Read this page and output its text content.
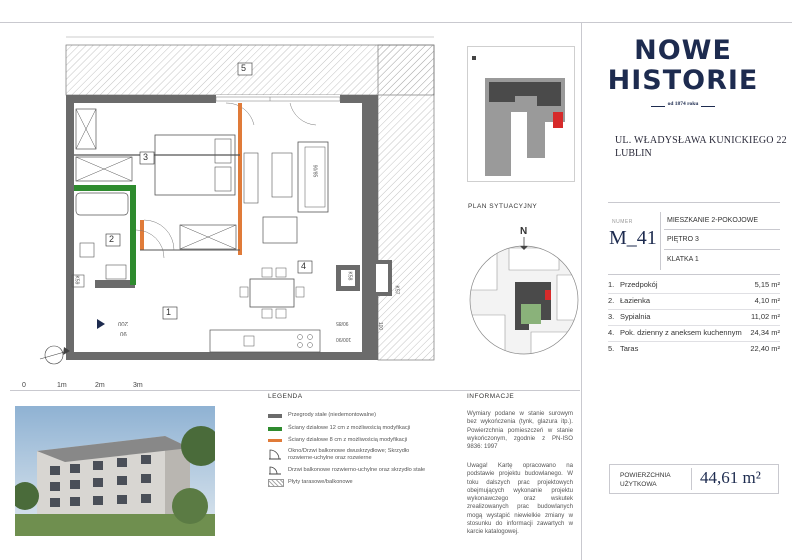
5
3
2
4
1
200
90
90/85
K59	K58
K57
90/85
100/90
100
0	1m	2m	3m
PLAN SYTUACYJNY
N
LEGENDA
Przegrody stałe (niedemontowalne)
Ściany działowe 12 cm z możliwością modyfikacji
Ściany działowe 8 cm z możliwością modyfikacji
Okno/Drzwi balkonowe dwuskrzydłowe; Skrzydło rozwierne-uchylne oraz rozwierne
Drzwi balkonowe rozwierno-uchylne oraz skrzydło stałe
Płyty tarasowe/balkonowe
INFORMACJE
Wymiary podane w stanie surowym bez wykończenia (tynk, glazura itp.). Powierzchnia pomieszczeń w stanie wykończonym, zgodnie z PN-ISO 9836: 1997
Uwaga! Kartę opracowano na podstawie projektu budowlanego. W toku dalszych prac projektowych obejmujących wykonanie projektu wykonawczego oraz wskutek zrealizowanych prac budowlanych mogą wystąpić niewielkie zmiany w stosunku do informacji zawartych w karcie katalogowej.
NOWE
HISTORIE
od 1874 roku
UL. WŁADYSŁAWA KUNICKIEGO 22
LUBLIN
NUMER
M_41
MIESZKANIE 2-POKOJOWE
PIĘTRO 3
KLATKA 1
1. Przedpokój	5,15 m²
2. Łazienka	4,10 m²
3. Sypialnia	11,02 m²
4. Pok. dzienny z aneksem kuchennym 24,34 m²
5. Taras	22,40 m²
POWIERZCHNIA
UŻYTKOWA	44,61 m²
